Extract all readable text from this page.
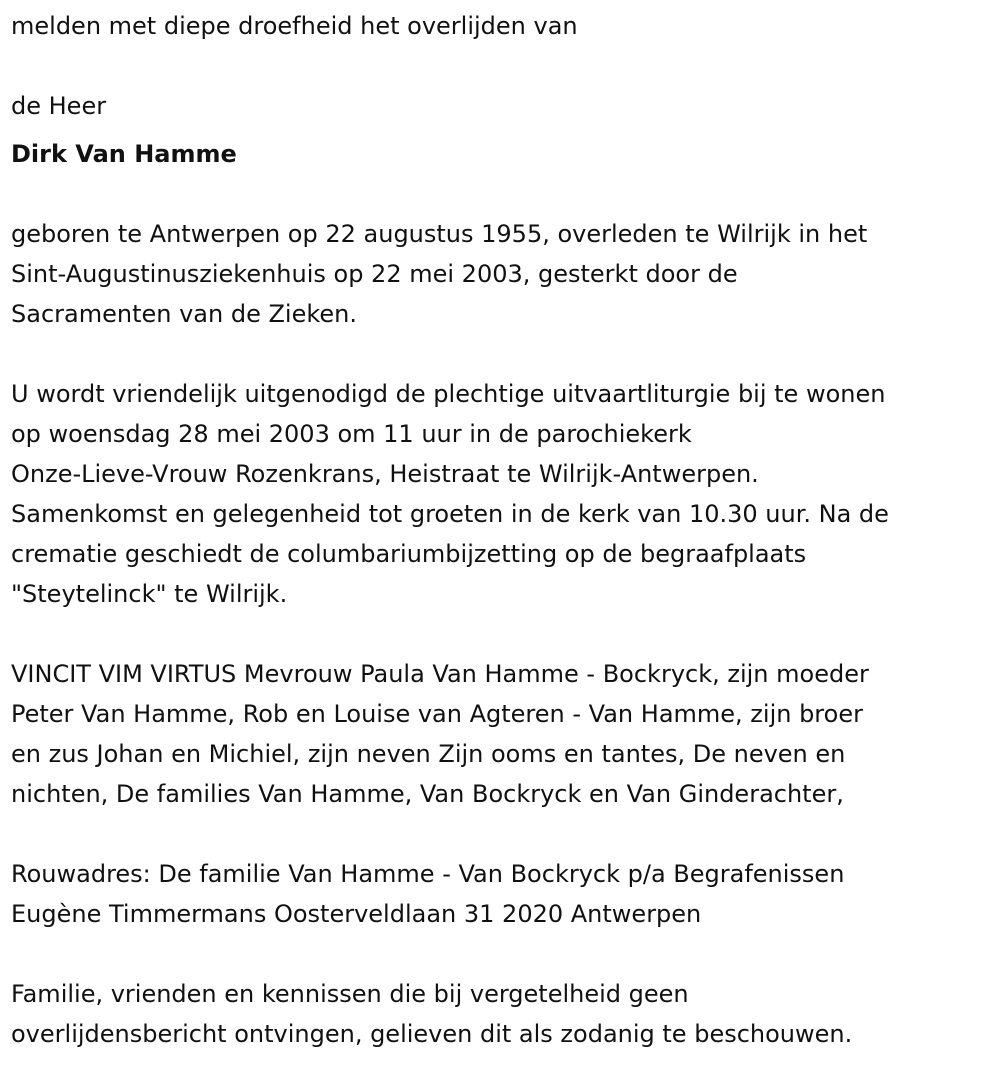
melden met diepe droefheid het overlijden van

de Heer

Dirk Van Hamme

geboren te Antwerpen op 22 augustus 1955, overleden te Wilrijk in het

Sint-Augustinusziekenhuis op 22 mei 2003, gesterkt door de

Sacramenten van de Zieken.

U wordt vriendelijk uitgenodigd de plechtige uitvaartliturgie bij te wonen

op woensdag 28 mei 2003 om 11 uur in de parochiekerk

Onze-Lieve-Vrouw Rozenkrans, Heistraat te Wilrijk-Antwerpen.

Samenkomst en gelegenheid tot groeten in de kerk van 10.30 uur. Na de

crematie geschiedt de columbariumbijzetting op de begraafplaats

"Steytelinck" te Wilrijk.

VINCIT VIM VIRTUS Mevrouw Paula Van Hamme - Bockryck, zijn moeder

Peter Van Hamme, Rob en Louise van Agteren - Van Hamme, zijn broer

en zus Johan en Michiel, zijn neven Zijn ooms en tantes, De neven en

nichten, De families Van Hamme, Van Bockryck en Van Ginderachter,

Rouwadres: De familie Van Hamme - Van Bockryck p/a Begrafenissen

Eugène Timmermans Oosterveldlaan 31 2020 Antwerpen

Familie, vrienden en kennissen die bij vergetelheid geen

overlijdensbericht ontvingen, gelieven dit als zodanig te beschouwen.
